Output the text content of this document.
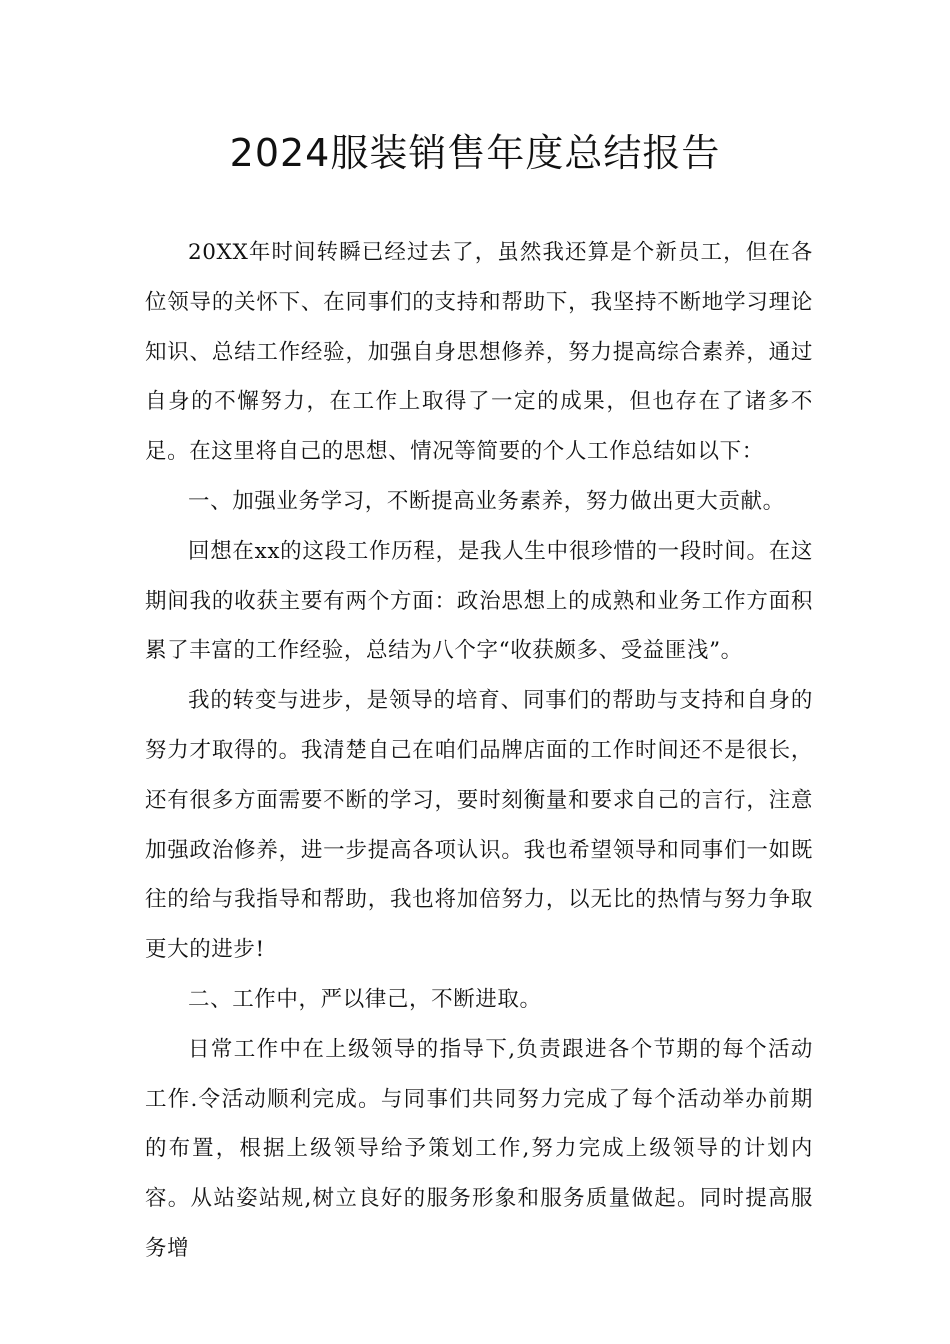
2024服装销售年度总结报告

20XX年时间转瞬已经过去了，虽然我还算是个新员工，但在各位领导的关怀下、在同事们的支持和帮助下，我坚持不断地学习理论知识、总结工作经验，加强自身思想修养，努力提高综合素养，通过自身的不懈努力，在工作上取得了一定的成果，但也存在了诸多不足。在这里将自己的思想、情况等简要的个人工作总结如以下：

一、加强业务学习，不断提高业务素养，努力做出更大贡献。

回想在xx的这段工作历程，是我人生中很珍惜的一段时间。在这期间我的收获主要有两个方面：政治思想上的成熟和业务工作方面积累了丰富的工作经验，总结为八个字“收获颇多、受益匪浅”。

我的转变与进步，是领导的培育、同事们的帮助与支持和自身的努力才取得的。我清楚自己在咱们品牌店面的工作时间还不是很长，还有很多方面需要不断的学习，要时刻衡量和要求自己的言行，注意加强政治修养，进一步提高各项认识。我也希望领导和同事们一如既往的给与我指导和帮助，我也将加倍努力，以无比的热情与努力争取更大的进步!

二、工作中，严以律己，不断进取。

日常工作中在上级领导的指导下,负责跟进各个节期的每个活动工作.令活动顺利完成。与同事们共同努力完成了每个活动举办前期的布置，根据上级领导给予策划工作,努力完成上级领导的计划内容。从站姿站规,树立良好的服务形象和服务质量做起。同时提高服务增
